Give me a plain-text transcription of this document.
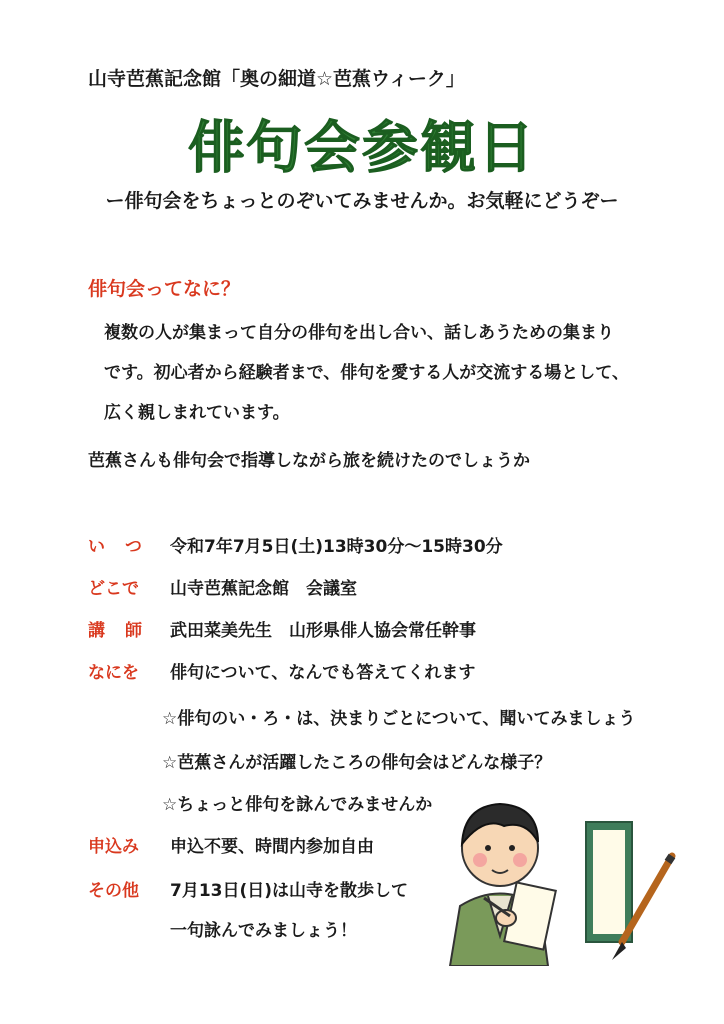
山寺芭蕉記念館「奥の細道☆芭蕉ウィーク」
俳句会参観日
ー俳句会をちょっとのぞいてみませんか。お気軽にどうぞー
俳句会ってなに？
複数の人が集まって自分の俳句を出し合い、話しあうための集まり
です。初心者から経験者まで、俳句を愛する人が交流する場として、
広く親しまれています。
芭蕉さんも俳句会で指導しながら旅を続けたのでしょうか
いつ 令和7年7月5日(土)13時30分～15時30分
どこで 山寺芭蕉記念館　会議室
講師 武田菜美先生　山形県俳人協会常任幹事
なにを 俳句について、なんでも答えてくれます
☆俳句のい・ろ・は、決まりごとについて、聞いてみましょう
☆芭蕉さんが活躍したころの俳句会はどんな様子？
☆ちょっと俳句を詠んでみませんか
申込み 申込不要、時間内参加自由
その他 7月13日(日)は山寺を散歩して
一句詠んでみましょう！
